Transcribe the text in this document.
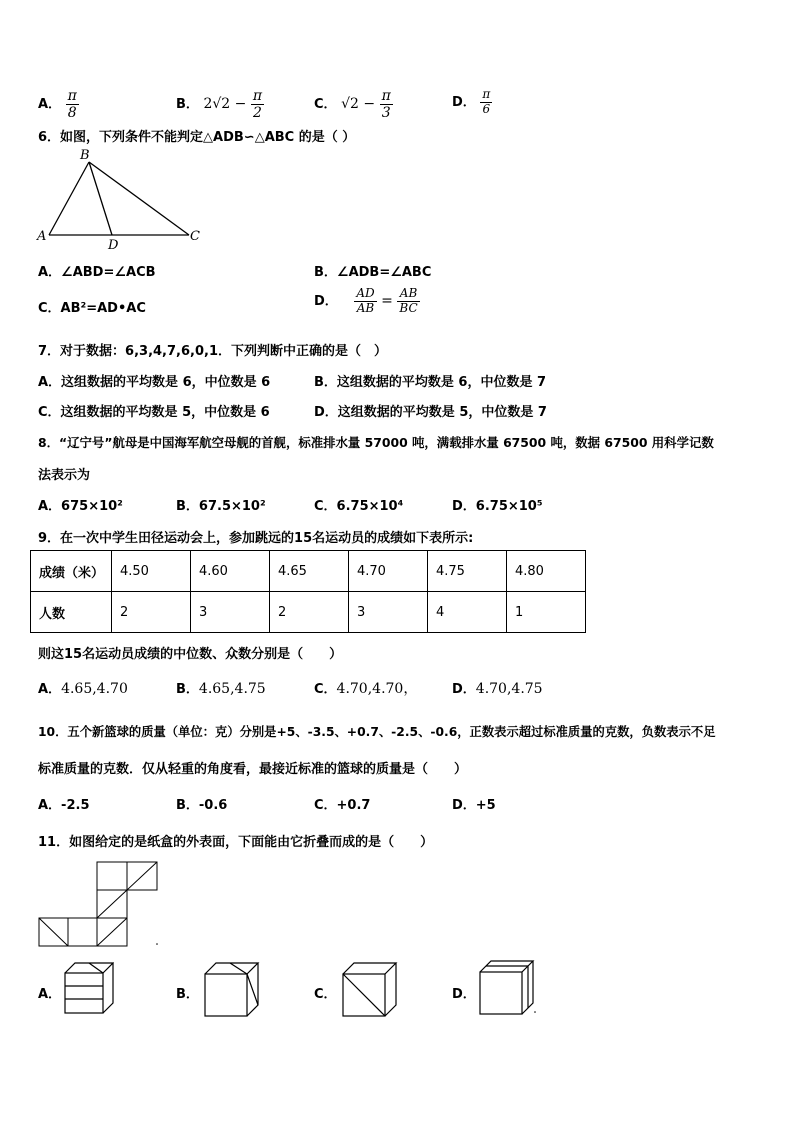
A． $\frac{\pi}{8}$	B． $2√2 - \frac{\pi}{2}$	C． $√2 - \frac{\pi}{3}$	D． $\frac{\pi}{6}$
6．如图，下列条件不能判定△ADB∽△ABC 的是（ ）
B
A
D
C
A．∠ABD=∠ACB	B．∠ADB=∠ABC
C．AB²=AD•AC	D． $\frac{AD}{AB} = \frac{AB}{BC}$
7．对于数据：6,3,4,7,6,0,1．下列判断中正确的是（　）
A．这组数据的平均数是 6，中位数是 6	B．这组数据的平均数是 6，中位数是 7
C．这组数据的平均数是 5，中位数是 6	D．这组数据的平均数是 5，中位数是 7
8．“辽宁号”航母是中国海军航空母舰的首舰，标准排水量 57000 吨，满载排水量 67500 吨，数据 67500 用科学记数
法表示为
A．675×10²	B．67.5×10²	C．6.75×10⁴	D．6.75×10⁵
9．在一次中学生田径运动会上，参加跳远的15名运动员的成绩如下表所示:
成绩（米）	4.50	4.60	4.65	4.70	4.75	4.80
人数	2	3	2	3	4	1
则这15名运动员成绩的中位数、众数分别是（　　）
A．4.65,4.70	B．4.65,4.75	C．4.70,4.70，	D．4.70,4.75
10．五个新篮球的质量（单位：克）分别是+5、-3.5、+0.7、-2.5、-0.6，正数表示超过标准质量的克数，负数表示不足
标准质量的克数．仅从轻重的角度看，最接近标准的篮球的质量是（　　）
A．-2.5	B．-0.6	C．+0.7	D．+5
11．如图给定的是纸盒的外表面，下面能由它折叠而成的是（　　）
A．	B．	C．	D．
